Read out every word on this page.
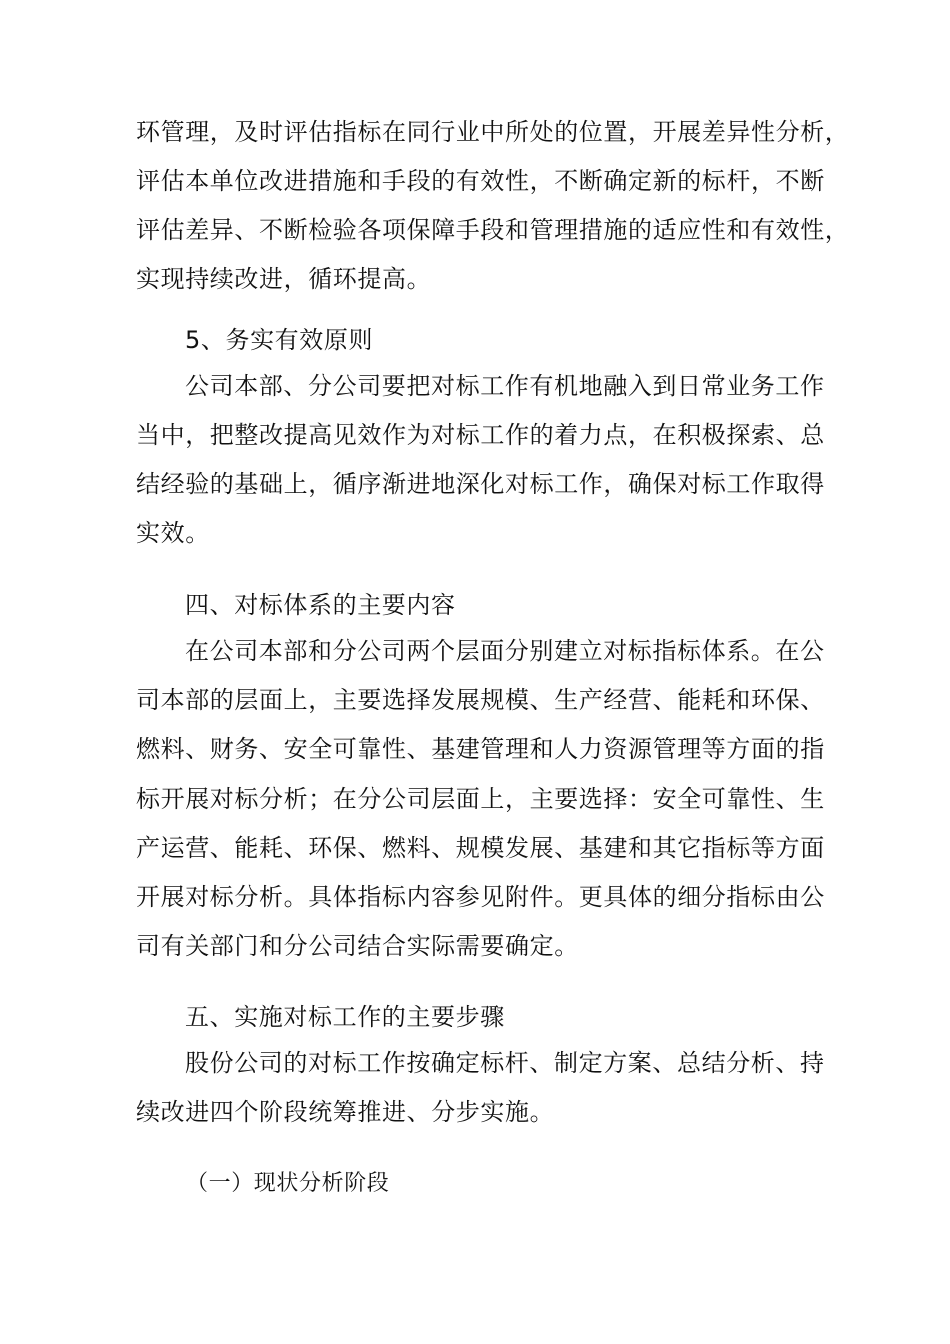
环管理，及时评估指标在同行业中所处的位置，开展差异性分析，
评估本单位改进措施和手段的有效性，不断确定新的标杆，不断
评估差异、不断检验各项保障手段和管理措施的适应性和有效性，
实现持续改进，循环提高。
5、务实有效原则
公司本部、分公司要把对标工作有机地融入到日常业务工作
当中，把整改提高见效作为对标工作的着力点，在积极探索、总
结经验的基础上，循序渐进地深化对标工作，确保对标工作取得
实效。
四、对标体系的主要内容
在公司本部和分公司两个层面分别建立对标指标体系。在公
司本部的层面上，主要选择发展规模、生产经营、能耗和环保、
燃料、财务、安全可靠性、基建管理和人力资源管理等方面的指
标开展对标分析；在分公司层面上，主要选择：安全可靠性、生
产运营、能耗、环保、燃料、规模发展、基建和其它指标等方面
开展对标分析。具体指标内容参见附件。更具体的细分指标由公
司有关部门和分公司结合实际需要确定。
五、实施对标工作的主要步骤
股份公司的对标工作按确定标杆、制定方案、总结分析、持
续改进四个阶段统筹推进、分步实施。
（一）现状分析阶段
